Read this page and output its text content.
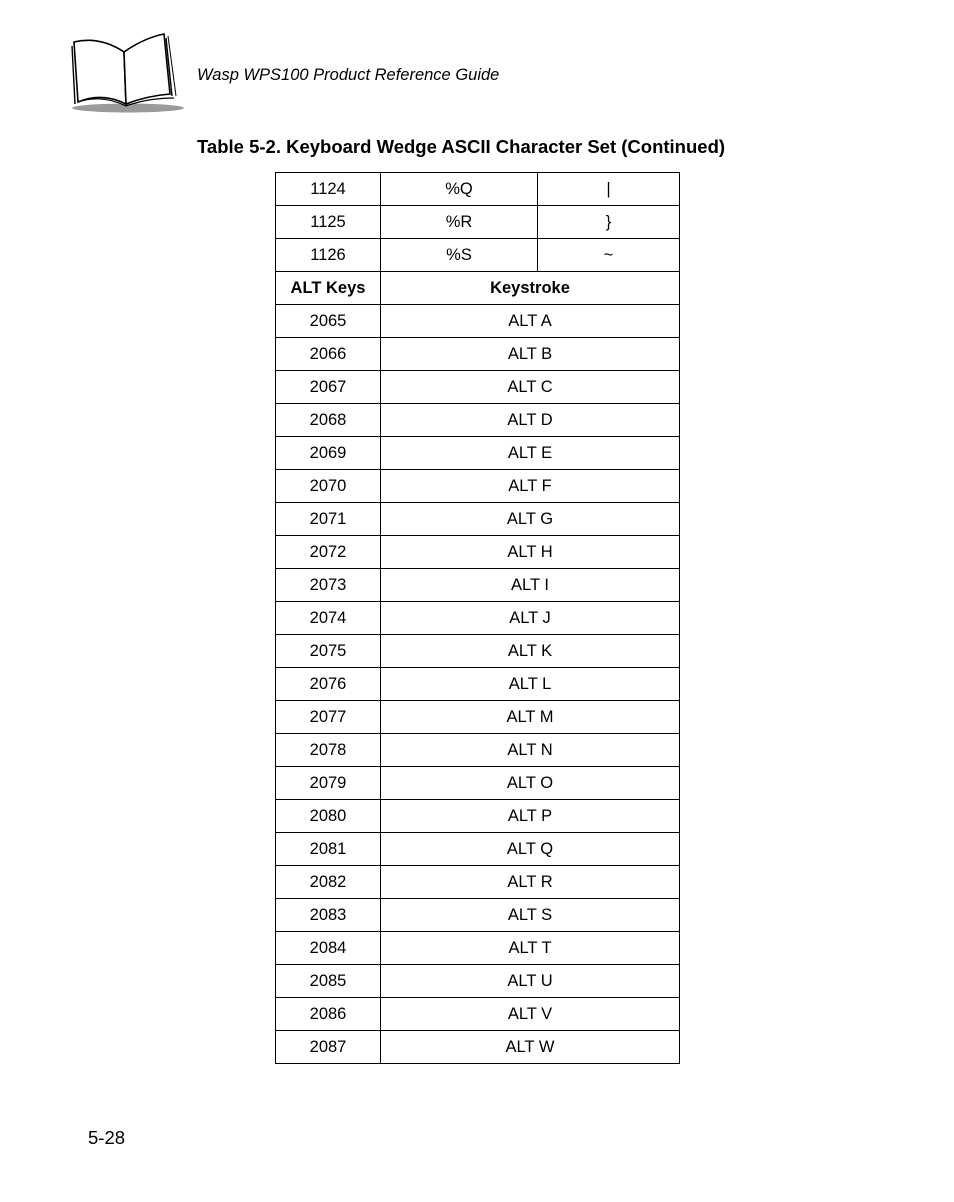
Wasp WPS100 Product Reference Guide
Table 5-2. Keyboard Wedge ASCII Character Set (Continued)
1124	%Q	|
1125	%R	}
1126	%S	~
ALT Keys	Keystroke	
2065	ALT A	
2066	ALT B	
2067	ALT C	
2068	ALT D	
2069	ALT E	
2070	ALT F	
2071	ALT G	
2072	ALT H	
2073	ALT I	
2074	ALT J	
2075	ALT K	
2076	ALT L	
2077	ALT M	
2078	ALT N	
2079	ALT O	
2080	ALT P	
2081	ALT Q	
2082	ALT R	
2083	ALT S	
2084	ALT T	
2085	ALT U	
2086	ALT V	
2087	ALT W	
5-28
